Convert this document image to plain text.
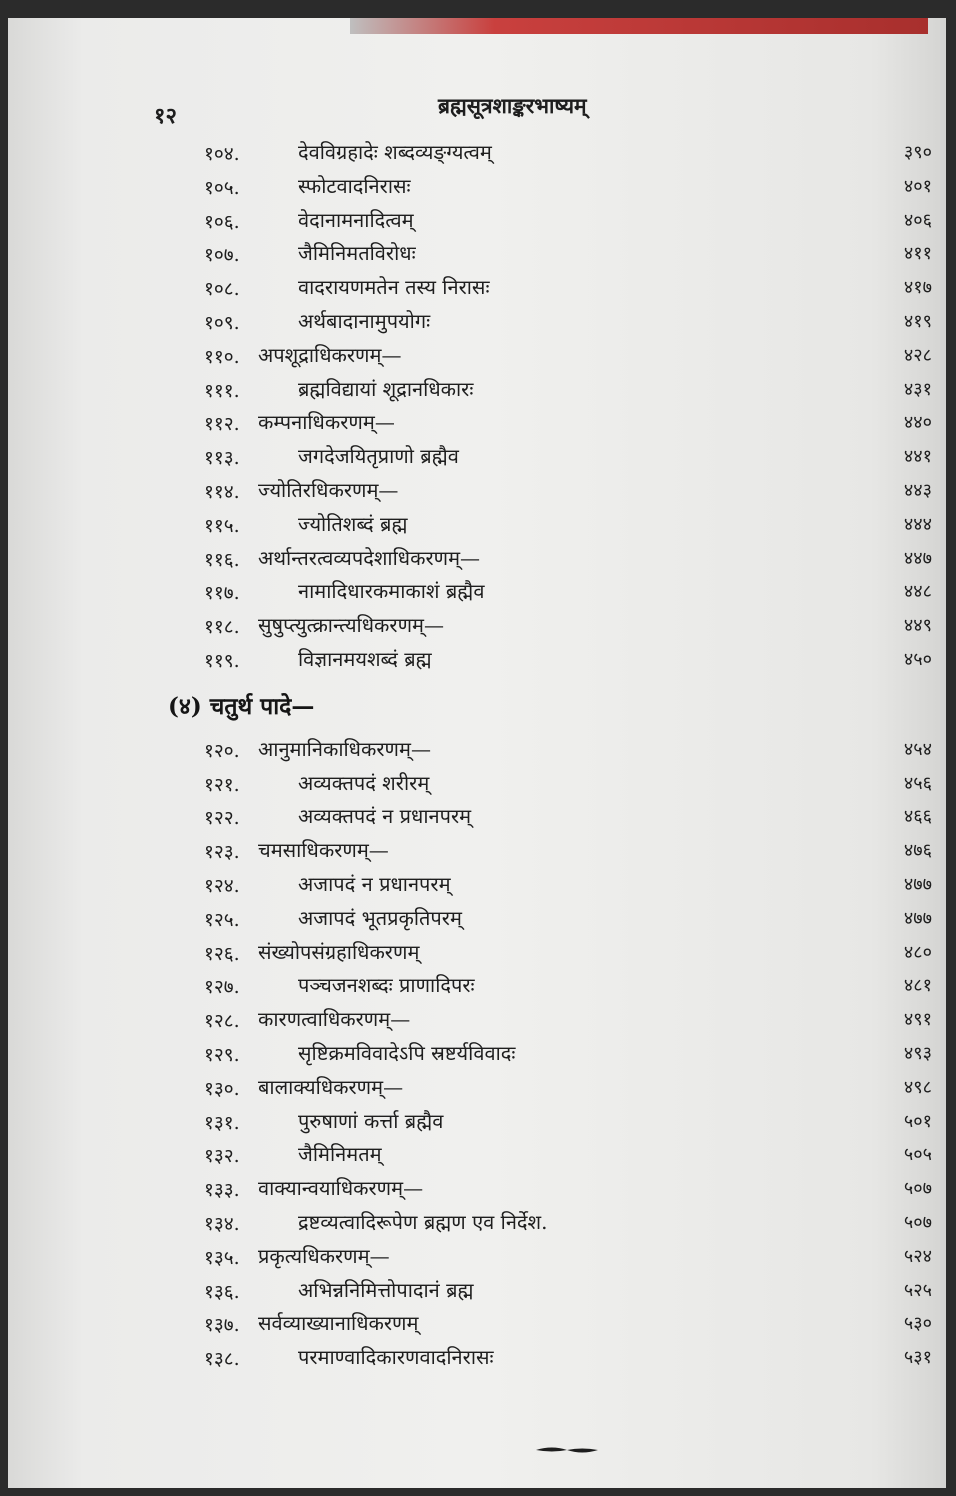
१२	ब्रह्मसूत्रशाङ्करभाष्यम्
१०४.	देवविग्रहादेः शब्दव्यङ्ग्यत्वम्	३९०
१०५.	स्फोटवादनिरासः	४०१
१०६.	वेदानामनादित्वम्	४०६
१०७.	जैमिनिमतविरोधः	४११
१०८.	वादरायणमतेन तस्य निरासः	४१७
१०९.	अर्थबादानामुपयोगः	४१९
११०. अपशूद्राधिकरणम्—	४२८
१११.	ब्रह्मविद्यायां शूद्रानधिकारः	४३१
११२. कम्पनाधिकरणम्—	४४०
११३.	जगदेजयितृप्राणो ब्रह्मैव	४४१
११४. ज्योतिरधिकरणम्—	४४३
११५.	ज्योतिशब्दं ब्रह्म	४४४
११६. अर्थान्तरत्वव्यपदेशाधिकरणम्—	४४७
११७.	नामादिधारकमाकाशं ब्रह्मैव	४४८
११८. सुषुप्त्युत्क्रान्त्यधिकरणम्—	४४९
११९.	विज्ञानमयशब्दं ब्रह्म	४५०
(४) चतुर्थ पादे—
१२०. आनुमानिकाधिकरणम्—	४५४
१२१.	अव्यक्तपदं शरीरम्	४५६
१२२.	अव्यक्तपदं न प्रधानपरम्	४६६
१२३. चमसाधिकरणम्—	४७६
१२४.	अजापदं न प्रधानपरम्	४७७
१२५.	अजापदं भूतप्रकृतिपरम्	४७७
१२६. संख्योपसंग्रहाधिकरणम्	४८०
१२७.	पञ्चजनशब्दः प्राणादिपरः	४८१
१२८. कारणत्वाधिकरणम्—	४९१
१२९.	सृष्टिक्रमविवादेऽपि स्रष्टर्यविवादः	४९३
१३०. बालाक्यधिकरणम्—	४९८
१३१.	पुरुषाणां कर्त्ता ब्रह्मैव	५०१
१३२.	जैमिनिमतम्	५०५
१३३. वाक्यान्वयाधिकरणम्—	५०७
१३४.	द्रष्टव्यत्वादिरूपेण ब्रह्मण एव निर्देश.	५०७
१३५. प्रकृत्यधिकरणम्—	५२४
१३६.	अभिन्ननिमित्तोपादानं ब्रह्म	५२५
१३७. सर्वव्याख्यानाधिकरणम्	५३०
१३८.	परमाण्वादिकारणवादनिरासः	५३१
